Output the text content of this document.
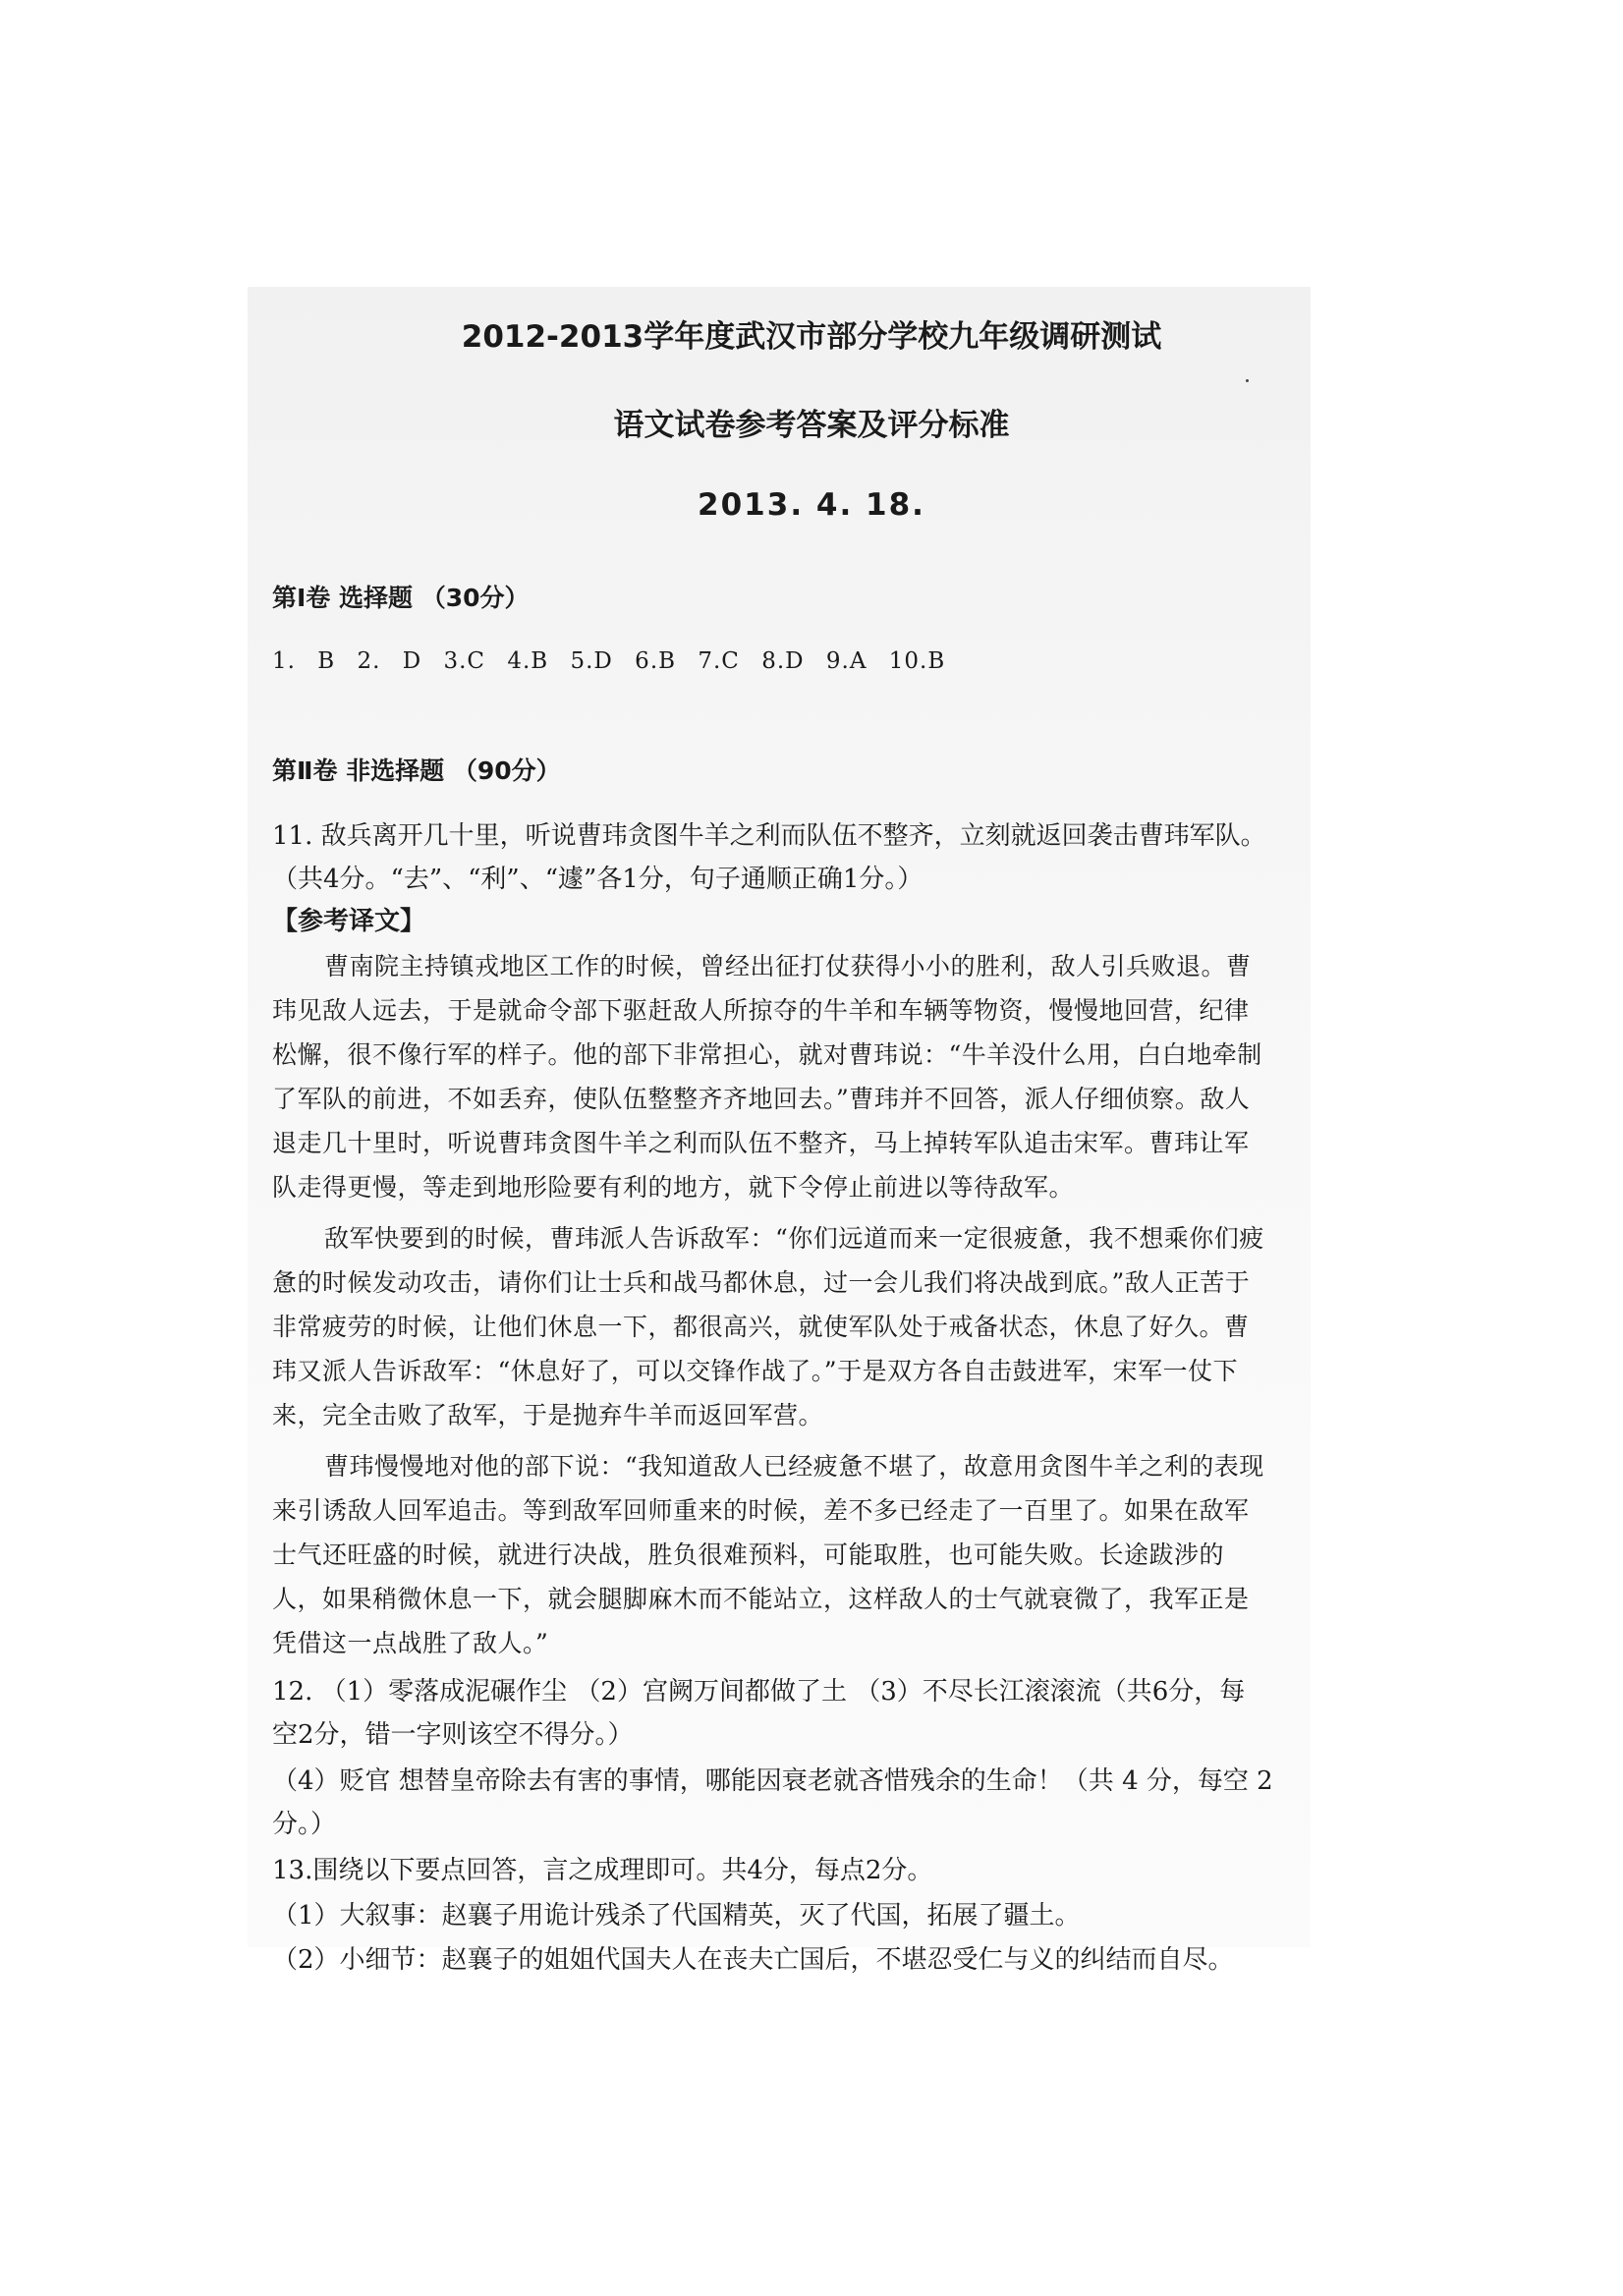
2012-2013学年度武汉市部分学校九年级调研测试
语文试卷参考答案及评分标准
2013. 4. 18.
第Ⅰ卷 选择题 （30分）
1. B 2. D 3.C 4.B 5.D 6.B 7.C 8.D 9.A 10.B
第Ⅱ卷 非选择题 （90分）
11. 敌兵离开几十里，听说曹玮贪图牛羊之利而队伍不整齐，立刻就返回袭击曹玮军队。
（共4分。“去”、“利”、“遽”各1分，句子通顺正确1分。）
【参考译文】
曹南院主持镇戎地区工作的时候，曾经出征打仗获得小小的胜利，敌人引兵败退。曹
玮见敌人远去，于是就命令部下驱赶敌人所掠夺的牛羊和车辆等物资，慢慢地回营，纪律
松懈，很不像行军的样子。他的部下非常担心，就对曹玮说：“牛羊没什么用，白白地牵制
了军队的前进，不如丢弃，使队伍整整齐齐地回去。”曹玮并不回答，派人仔细侦察。敌人
退走几十里时，听说曹玮贪图牛羊之利而队伍不整齐，马上掉转军队追击宋军。曹玮让军
队走得更慢，等走到地形险要有利的地方，就下令停止前进以等待敌军。
敌军快要到的时候，曹玮派人告诉敌军：“你们远道而来一定很疲惫，我不想乘你们疲
惫的时候发动攻击，请你们让士兵和战马都休息，过一会儿我们将决战到底。”敌人正苦于
非常疲劳的时候，让他们休息一下，都很高兴，就使军队处于戒备状态，休息了好久。曹
玮又派人告诉敌军：“休息好了，可以交锋作战了。”于是双方各自击鼓进军，宋军一仗下
来，完全击败了敌军，于是抛弃牛羊而返回军营。
曹玮慢慢地对他的部下说：“我知道敌人已经疲惫不堪了，故意用贪图牛羊之利的表现
来引诱敌人回军追击。等到敌军回师重来的时候，差不多已经走了一百里了。如果在敌军
士气还旺盛的时候，就进行决战，胜负很难预料，可能取胜，也可能失败。长途跋涉的
人，如果稍微休息一下，就会腿脚麻木而不能站立，这样敌人的士气就衰微了，我军正是
凭借这一点战胜了敌人。”
12. （1）零落成泥碾作尘 （2）宫阙万间都做了土 （3）不尽长江滚滚流（共6分，每
空2分，错一字则该空不得分。）
（4）贬官 想替皇帝除去有害的事情，哪能因衰老就吝惜残余的生命！（共 4 分，每空 2
分。）
13.围绕以下要点回答，言之成理即可。共4分，每点2分。
（1）大叙事：赵襄子用诡计残杀了代国精英，灭了代国，拓展了疆土。
（2）小细节：赵襄子的姐姐代国夫人在丧夫亡国后，不堪忍受仁与义的纠结而自尽。
